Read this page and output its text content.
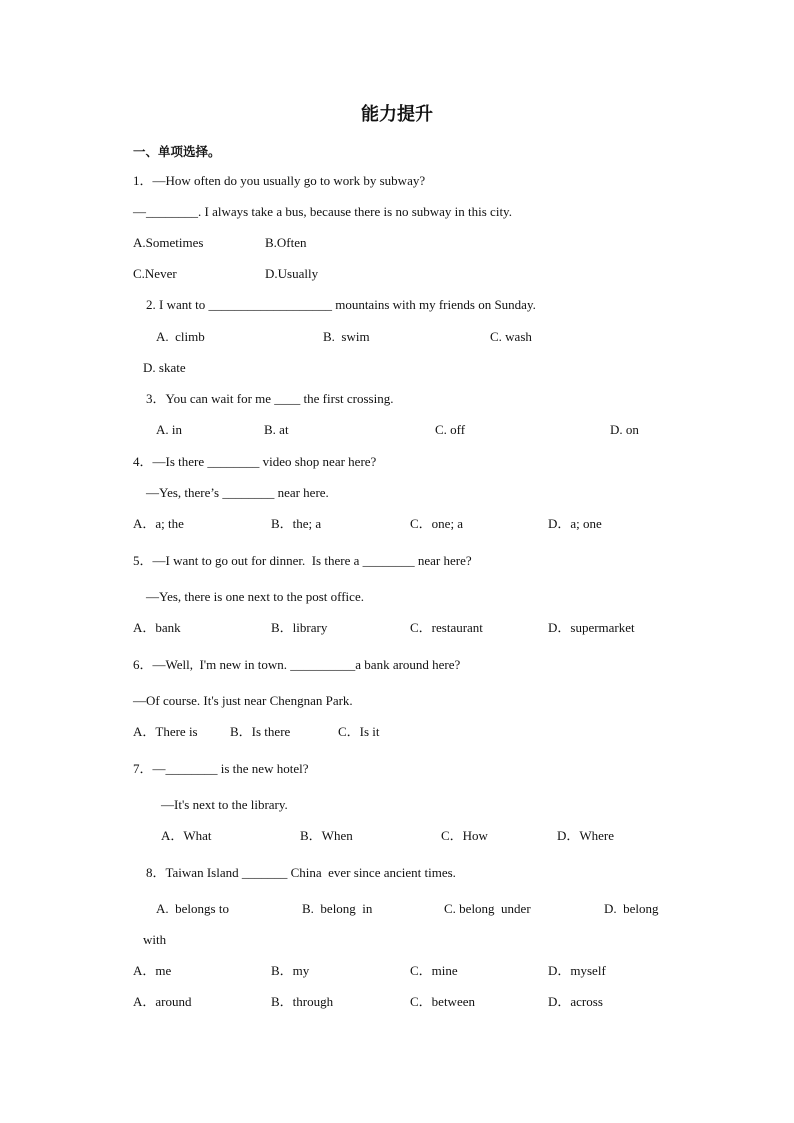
能力提升
一、单项选择。
1．—How often do you usually go to work by subway?
—________. I always take a bus, because there is no subway in this city.
A.Sometimes	B.Often
C.Never	D.Usually
2. I want to ___________________ mountains with my friends on Sunday.
A.  climb	B.  swim	C. wash
D. skate
3．You can wait for me ____ the first crossing.
A. in	B. at	C. off	D. on
4．—Is there ________ video shop near here?
—Yes, there’s ________ near here.
A．a; the	B．the; a	C．one; a	D．a; one
5．—I want to go out for dinner.  Is there a ________ near here?
—Yes, there is one next to the post office.
A．bank	B．library	C．restaurant	D．supermarket
6．—Well,  I'm new in town. __________a bank around here?
—Of course. It's just near Chengnan Park.
A．There is B．Is there	C．Is it
7．—________ is the new hotel?
—It's next to the library.
A．What	B．When	C．How	D．Where
8．Taiwan Island _______ China  ever since ancient times.
A.  belongs to	B.  belong  in	C. belong  under	D.  belong
with
A．me	B．my	C．mine	D．myself
A．around	B．through	C．between	D．across
